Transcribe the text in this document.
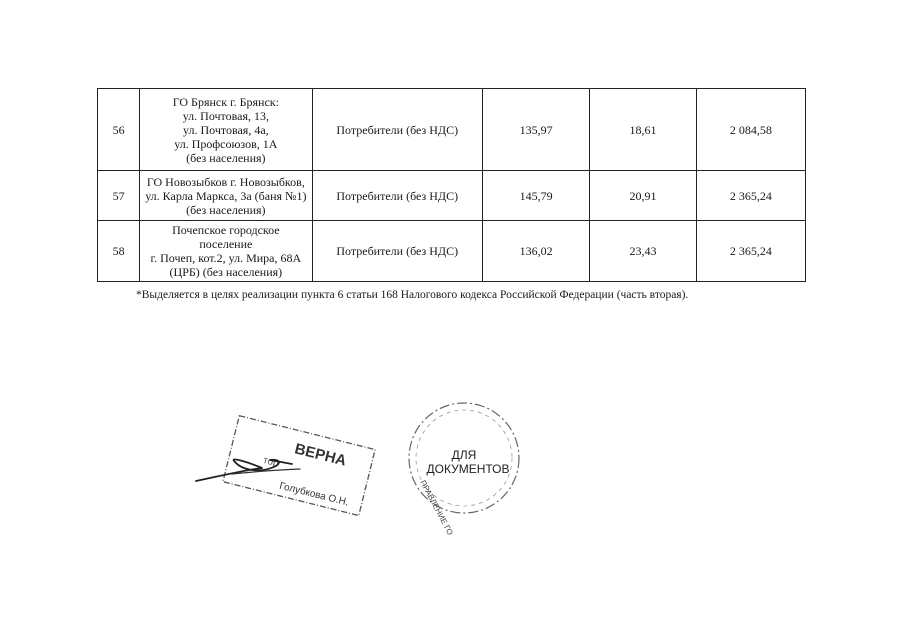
56	ГО Брянск г. Брянск:
ул. Почтовая, 13,
ул. Почтовая, 4а,
ул. Профсоюзов, 1А
(без населения)	Потребители (без НДС)	135,97	18,61	2 084,58
57	ГО Новозыбков г. Новозыбков,
ул. Карла Маркса, 3а (баня №1)
(без населения)	Потребители (без НДС)	145,79	20,91	2 365,24
58	Почепское городское поселение
г. Почеп, кот.2, ул. Мира, 68А
(ЦРБ) (без населения)	Потребители (без НДС)	136,02	23,43	2 365,24
*Выделяется в целях реализации пункта 6 статьи 168 Налогового кодекса Российской Федерации (часть вторая).
ВЕРНА
тор
Голубкова О.Н.
ДЛЯ
ДОКУМЕНТОВ
ПРАВЛЕНИЕ ГО
